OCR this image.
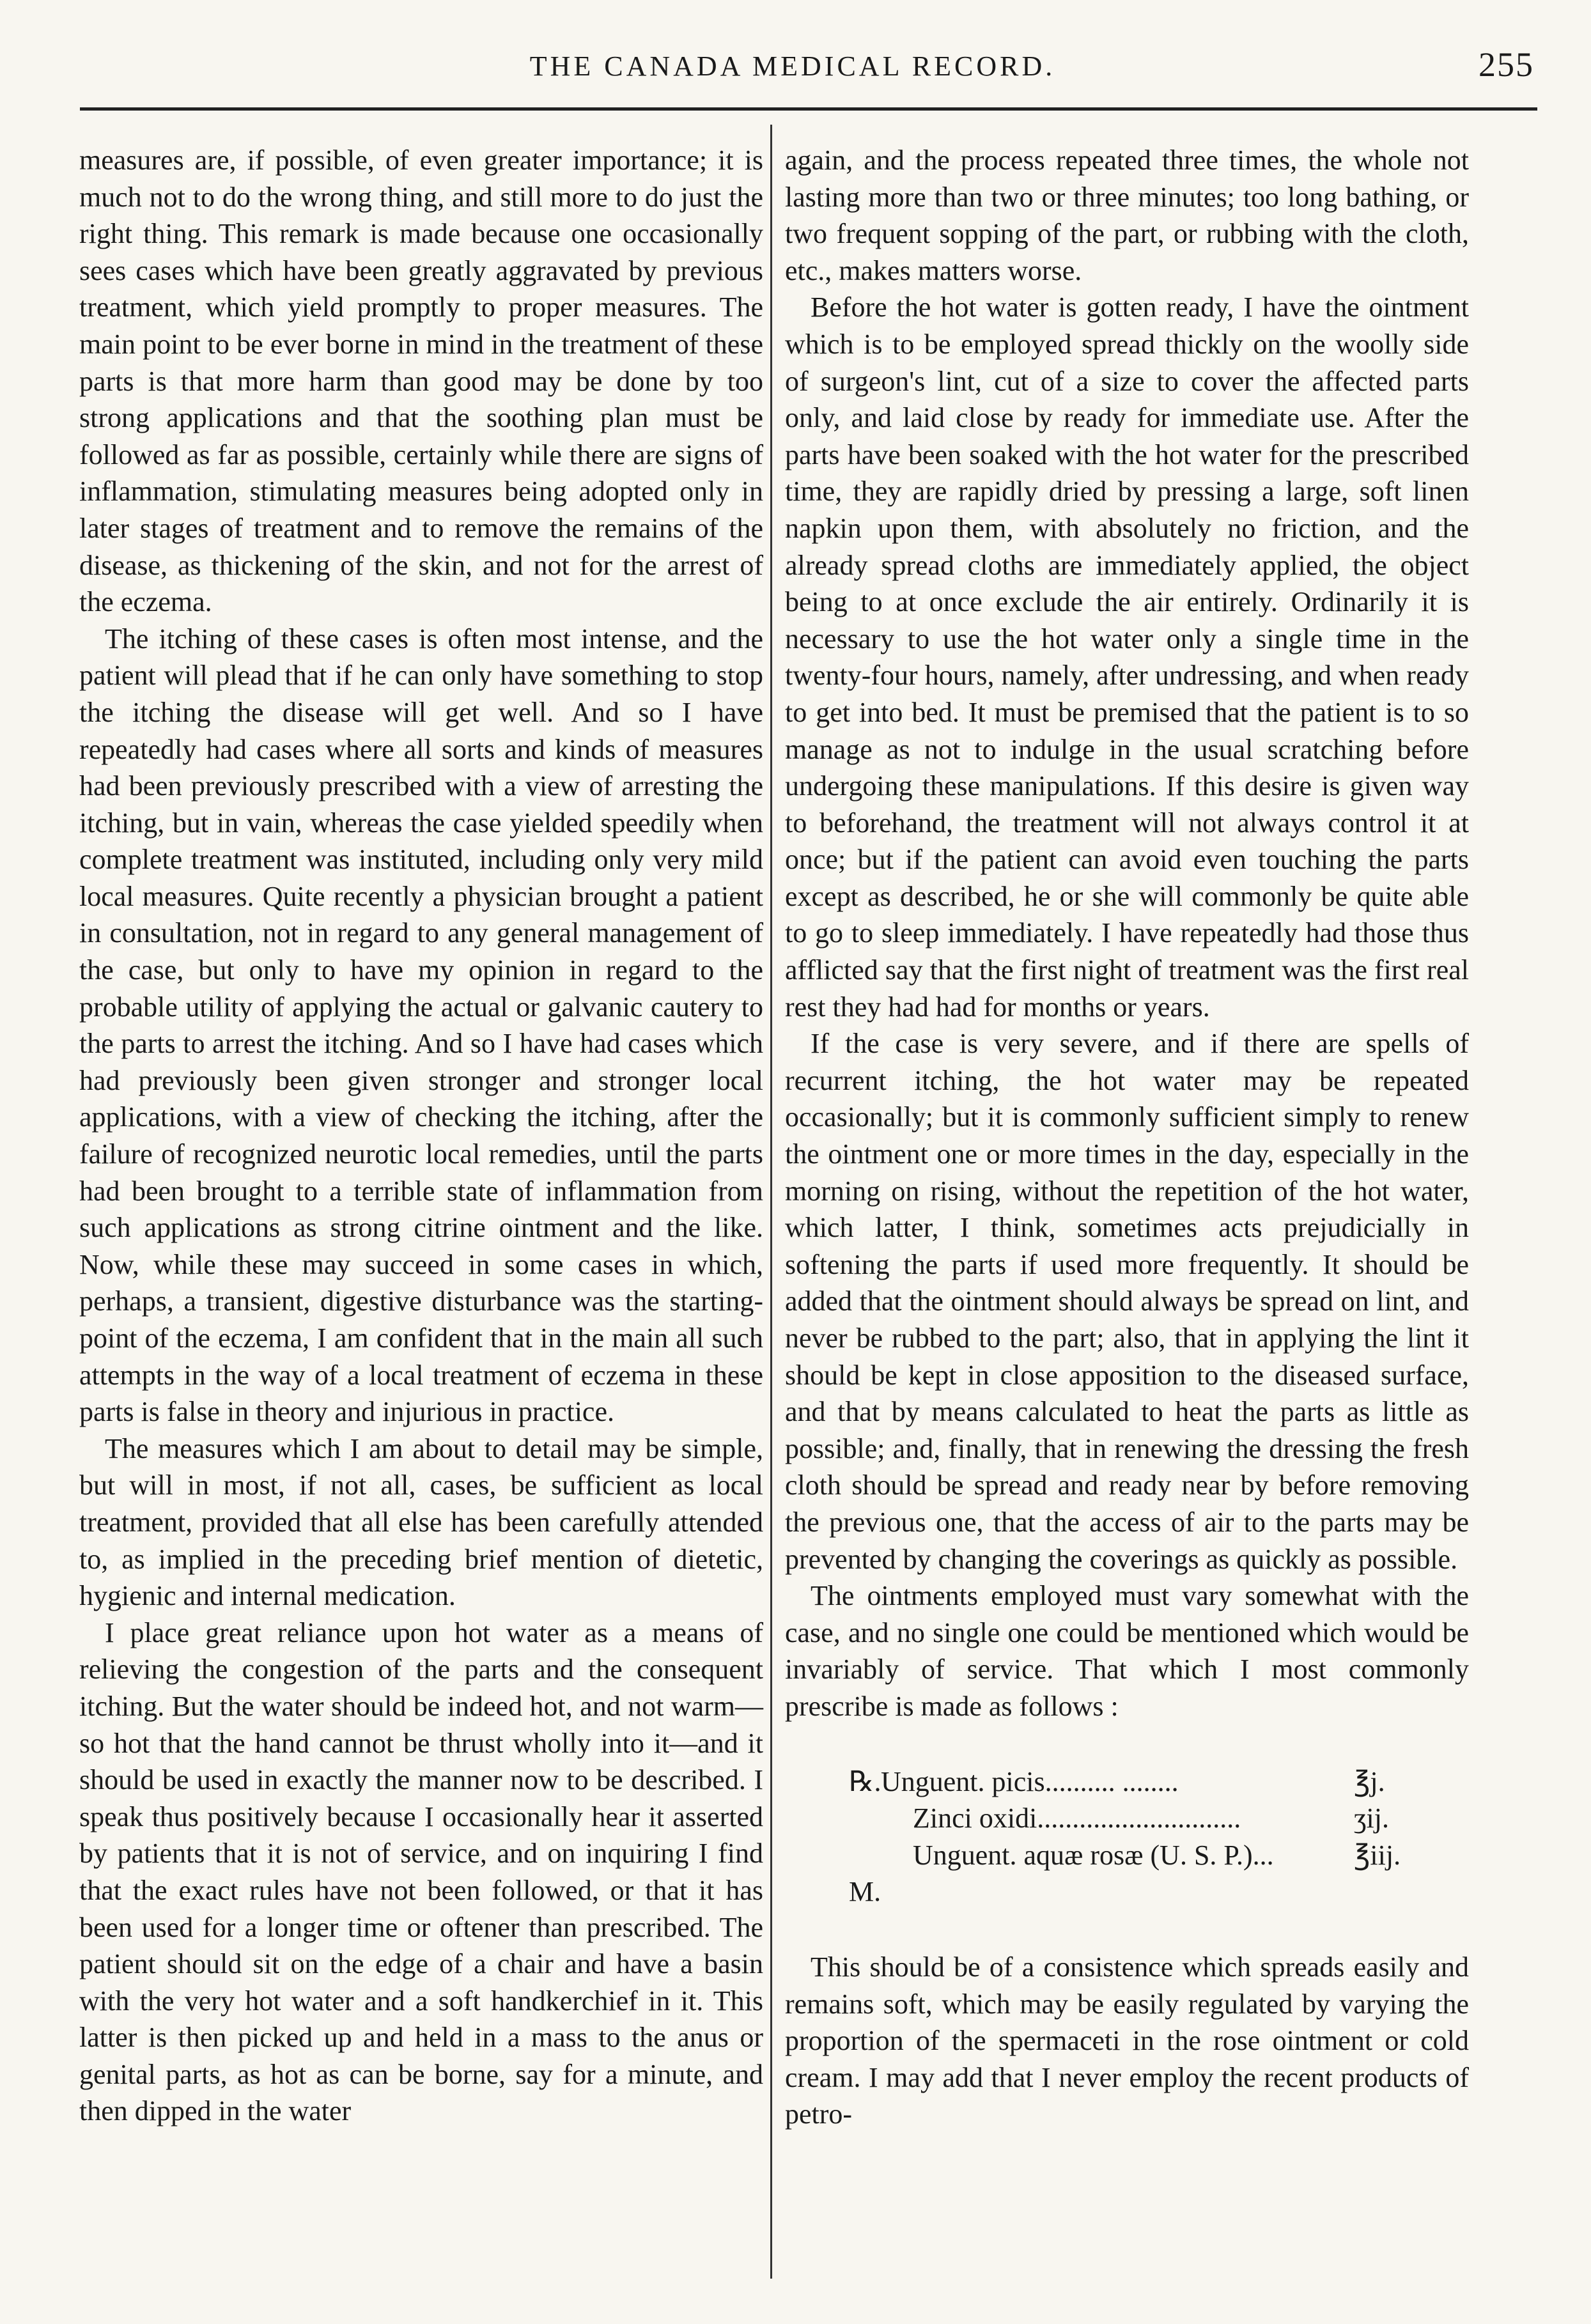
THE CANADA MEDICAL RECORD.	255

measures are, if possible, of even greater importance; it is much not to do the wrong thing, and still more to do just the right thing. This remark is made because one occasionally sees cases which have been greatly aggravated by previous treatment, which yield promptly to proper measures. The main point to be ever borne in mind in the treatment of these parts is that more harm than good may be done by too strong applications and that the soothing plan must be followed as far as possible, certainly while there are signs of inflammation, stimulating measures being adopted only in later stages of treatment and to remove the remains of the disease, as thickening of the skin, and not for the arrest of the eczema.

The itching of these cases is often most intense, and the patient will plead that if he can only have something to stop the itching the disease will get well. And so I have repeatedly had cases where all sorts and kinds of measures had been previously prescribed with a view of arresting the itching, but in vain, whereas the case yielded speedily when complete treatment was instituted, including only very mild local measures. Quite recently a physician brought a patient in consultation, not in regard to any general management of the case, but only to have my opinion in regard to the probable utility of applying the actual or galvanic cautery to the parts to arrest the itching. And so I have had cases which had previously been given stronger and stronger local applications, with a view of checking the itching, after the failure of recognized neurotic local remedies, until the parts had been brought to a terrible state of inflammation from such applications as strong citrine ointment and the like. Now, while these may succeed in some cases in which, perhaps, a transient, digestive disturbance was the starting-point of the eczema, I am confident that in the main all such attempts in the way of a local treatment of eczema in these parts is false in theory and injurious in practice.

The measures which I am about to detail may be simple, but will in most, if not all, cases, be sufficient as local treatment, provided that all else has been carefully attended to, as implied in the preceding brief mention of dietetic, hygienic and internal medication.

I place great reliance upon hot water as a means of relieving the congestion of the parts and the consequent itching. But the water should be indeed hot, and not warm—so hot that the hand cannot be thrust wholly into it—and it should be used in exactly the manner now to be described. I speak thus positively because I occasionally hear it asserted by patients that it is not of service, and on inquiring I find that the exact rules have not been followed, or that it has been used for a longer time or oftener than prescribed. The patient should sit on the edge of a chair and have a basin with the very hot water and a soft handkerchief in it. This latter is then picked up and held in a mass to the anus or genital parts, as hot as can be borne, say for a minute, and then dipped in the water

again, and the process repeated three times, the whole not lasting more than two or three minutes; too long bathing, or two frequent sopping of the part, or rubbing with the cloth, etc., makes matters worse.

Before the hot water is gotten ready, I have the ointment which is to be employed spread thickly on the woolly side of surgeon's lint, cut of a size to cover the affected parts only, and laid close by ready for immediate use. After the parts have been soaked with the hot water for the prescribed time, they are rapidly dried by pressing a large, soft linen napkin upon them, with absolutely no friction, and the already spread cloths are immediately applied, the object being to at once exclude the air entirely. Ordinarily it is necessary to use the hot water only a single time in the twenty-four hours, namely, after undressing, and when ready to get into bed. It must be premised that the patient is to so manage as not to indulge in the usual scratching before undergoing these manipulations. If this desire is given way to beforehand, the treatment will not always control it at once; but if the patient can avoid even touching the parts except as described, he or she will commonly be quite able to go to sleep immediately. I have repeatedly had those thus afflicted say that the first night of treatment was the first real rest they had had for months or years.

If the case is very severe, and if there are spells of recurrent itching, the hot water may be repeated occasionally; but it is commonly sufficient simply to renew the ointment one or more times in the day, especially in the morning on rising, without the repetition of the hot water, which latter, I think, sometimes acts prejudicially in softening the parts if used more frequently. It should be added that the ointment should always be spread on lint, and never be rubbed to the part; also, that in applying the lint it should be kept in close apposition to the diseased surface, and that by means calculated to heat the parts as little as possible; and, finally, that in renewing the dressing the fresh cloth should be spread and ready near by before removing the previous one, that the access of air to the parts may be prevented by changing the coverings as quickly as possible.

The ointments employed must vary somewhat with the case, and no single one could be mentioned which would be invariably of service. That which I most commonly prescribe is made as follows :

℞. Unguent. picis.......... ........	℥j.
Zinci oxidi.............................	ʒij.
Unguent. aquæ rosæ (U. S. P.)...	℥iij.
M.

This should be of a consistence which spreads easily and remains soft, which may be easily regulated by varying the proportion of the spermaceti in the rose ointment or cold cream. I may add that I never employ the recent products of petro-
